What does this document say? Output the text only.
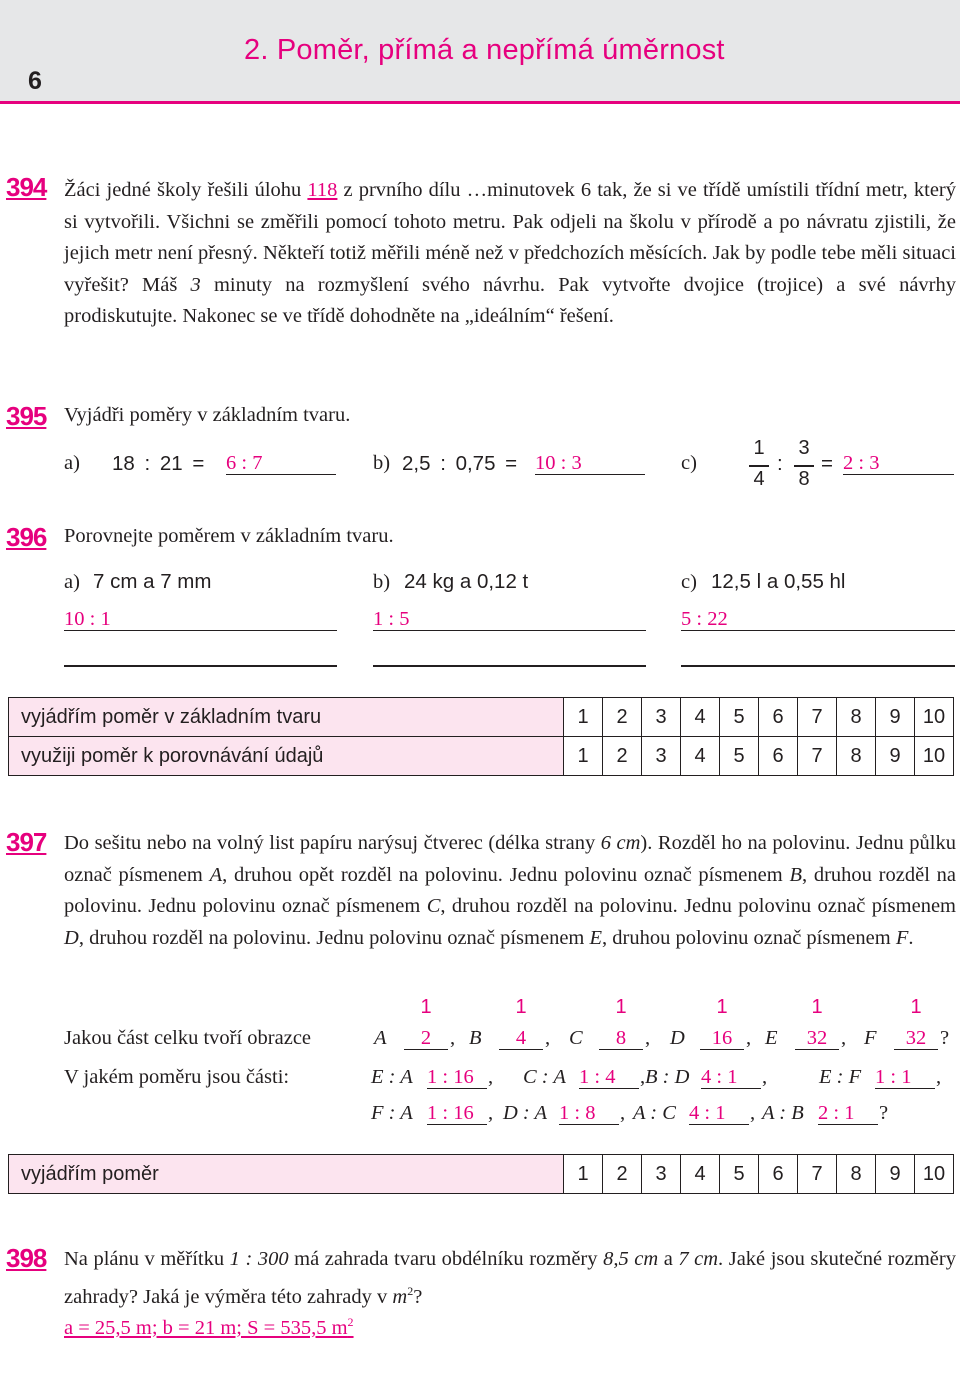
2. Poměr, přímá a nepřímá úměrnost
6
394 Žáci jedné školy řešili úlohu 118 z prvního dílu …minutovek 6 tak, že si ve třídě umístili třídní metr, který si vytvořili. Všichni se změřili pomocí tohoto metru. Pak odjeli na školu v přírodě a po návratu zjistili, že jejich metr není přesný. Někteří totiž měřili méně než v předchozích měsících. Jak by podle tebe měli situaci vyřešit? Máš 3 minuty na rozmyšlení svého návrhu. Pak vytvořte dvojice (trojice) a své návrhy prodiskutujte. Nakonec se ve třídě dohodněte na „ideálním“ řešení.
395 Vyjádři poměry v základním tvaru.
a) 18 : 21 = 6 : 7	b) 2,5 : 0,75 = 10 : 3	c)
1
4
:
3
8
= 2 : 3
396 Porovnejte poměrem v základním tvaru.
a) 7 cm a 7 mm
10 : 1
b) 24 kg a 0,12 t
1 : 5
c) 12,5 l a 0,55 hl
5 : 22
vyjádřím poměr v základním tvaru	1	2	3	4	5	6	7	8	9	10
využiji poměr k porovnávání údajů	1	2	3	4	5	6	7	8	9	10
397 Do sešitu nebo na volný list papíru narýsuj čtverec (délka strany 6 cm). Rozděl ho na polovinu. Jednu půlku označ písmenem A, druhou opět rozděl na polovinu. Jednu polovinu označ písmenem B, druhou rozděl na polovinu. Jednu polovinu označ písmenem C, druhou rozděl na polovinu. Jednu polovinu označ písmenem D, druhou rozděl na polovinu. Jednu polovinu označ písmenem E, druhou polovinu označ písmenem F.
Jakou část celku tvoří obrazce	A
1
2 , B
1
4 , C
1
8 , D
1
16 , E
1
32 , F
1
32 ?
V jakém poměru jsou části:	E : A 1 : 16 , C : A 1 : 4	, B : D 4 : 1	,	E : F 1 : 1	,
F : A 1 : 16 , D : A 1 : 8	, A : C 4 : 1	, A : B 2 : 1	?
vyjádřím poměr	1	2	3	4	5	6	7	8	9	10
398 Na plánu v měřítku 1 : 300 má zahrada tvaru obdélníku rozměry 8,5 cm a 7 cm. Jaké jsou skutečné rozměry zahrady? Jaká je výměra této zahrady v $m^2$?
a = 25,5 m; b = 21 m; S = 535,5 $m^2$
